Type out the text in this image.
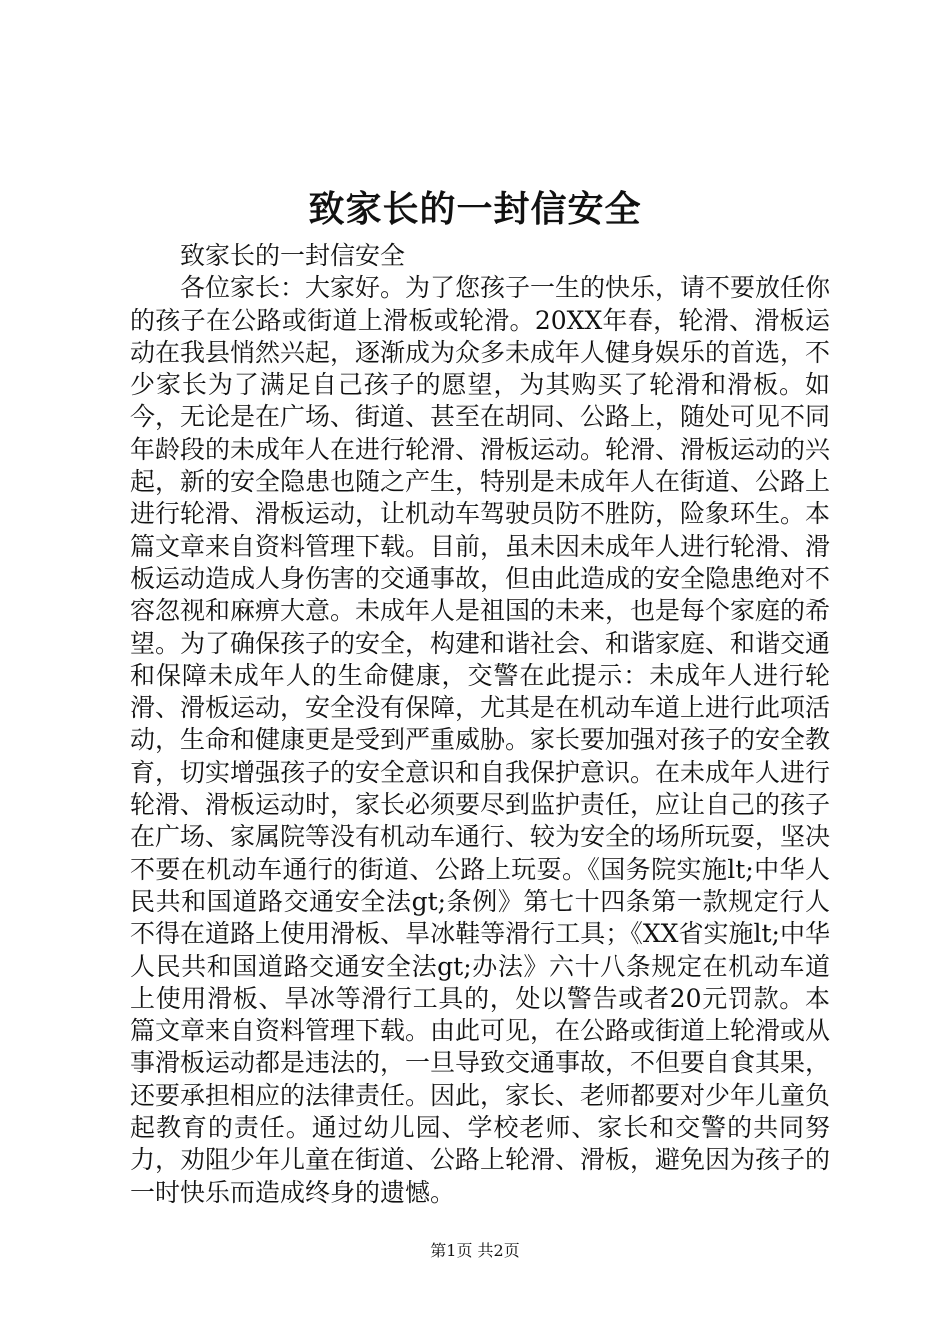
致家长的一封信安全

致家长的一封信安全

各位家长：大家好。为了您孩子一生的快乐，请不要放任你的孩子在公路或街道上滑板或轮滑。20XX年春，轮滑、滑板运动在我县悄然兴起，逐渐成为众多未成年人健身娱乐的首选，不少家长为了满足自己孩子的愿望，为其购买了轮滑和滑板。如今，无论是在广场、街道、甚至在胡同、公路上，随处可见不同年龄段的未成年人在进行轮滑、滑板运动。轮滑、滑板运动的兴起，新的安全隐患也随之产生，特别是未成年人在街道、公路上进行轮滑、滑板运动，让机动车驾驶员防不胜防，险象环生。本篇文章来自资料管理下载。目前，虽未因未成年人进行轮滑、滑板运动造成人身伤害的交通事故，但由此造成的安全隐患绝对不容忽视和麻痹大意。未成年人是祖国的未来，也是每个家庭的希望。为了确保孩子的安全，构建和谐社会、和谐家庭、和谐交通和保障未成年人的生命健康，交警在此提示：未成年人进行轮滑、滑板运动，安全没有保障，尤其是在机动车道上进行此项活动，生命和健康更是受到严重威胁。家长要加强对孩子的安全教育，切实增强孩子的安全意识和自我保护意识。在未成年人进行轮滑、滑板运动时，家长必须要尽到监护责任，应让自己的孩子在广场、家属院等没有机动车通行、较为安全的场所玩耍，坚决不要在机动车通行的街道、公路上玩耍。《国务院实施lt;中华人民共和国道路交通安全法gt;条例》第七十四条第一款规定行人不得在道路上使用滑板、旱冰鞋等滑行工具；《XX省实施lt;中华人民共和国道路交通安全法gt;办法》六十八条规定在机动车道上使用滑板、旱冰等滑行工具的，处以警告或者20元罚款。本篇文章来自资料管理下载。由此可见，在公路或街道上轮滑或从事滑板运动都是违法的，一旦导致交通事故，不但要自食其果，还要承担相应的法律责任。因此，家长、老师都要对少年儿童负起教育的责任。通过幼儿园、学校老师、家长和交警的共同努力，劝阻少年儿童在街道、公路上轮滑、滑板，避免因为孩子的一时快乐而造成终身的遗憾。

第1页 共2页
